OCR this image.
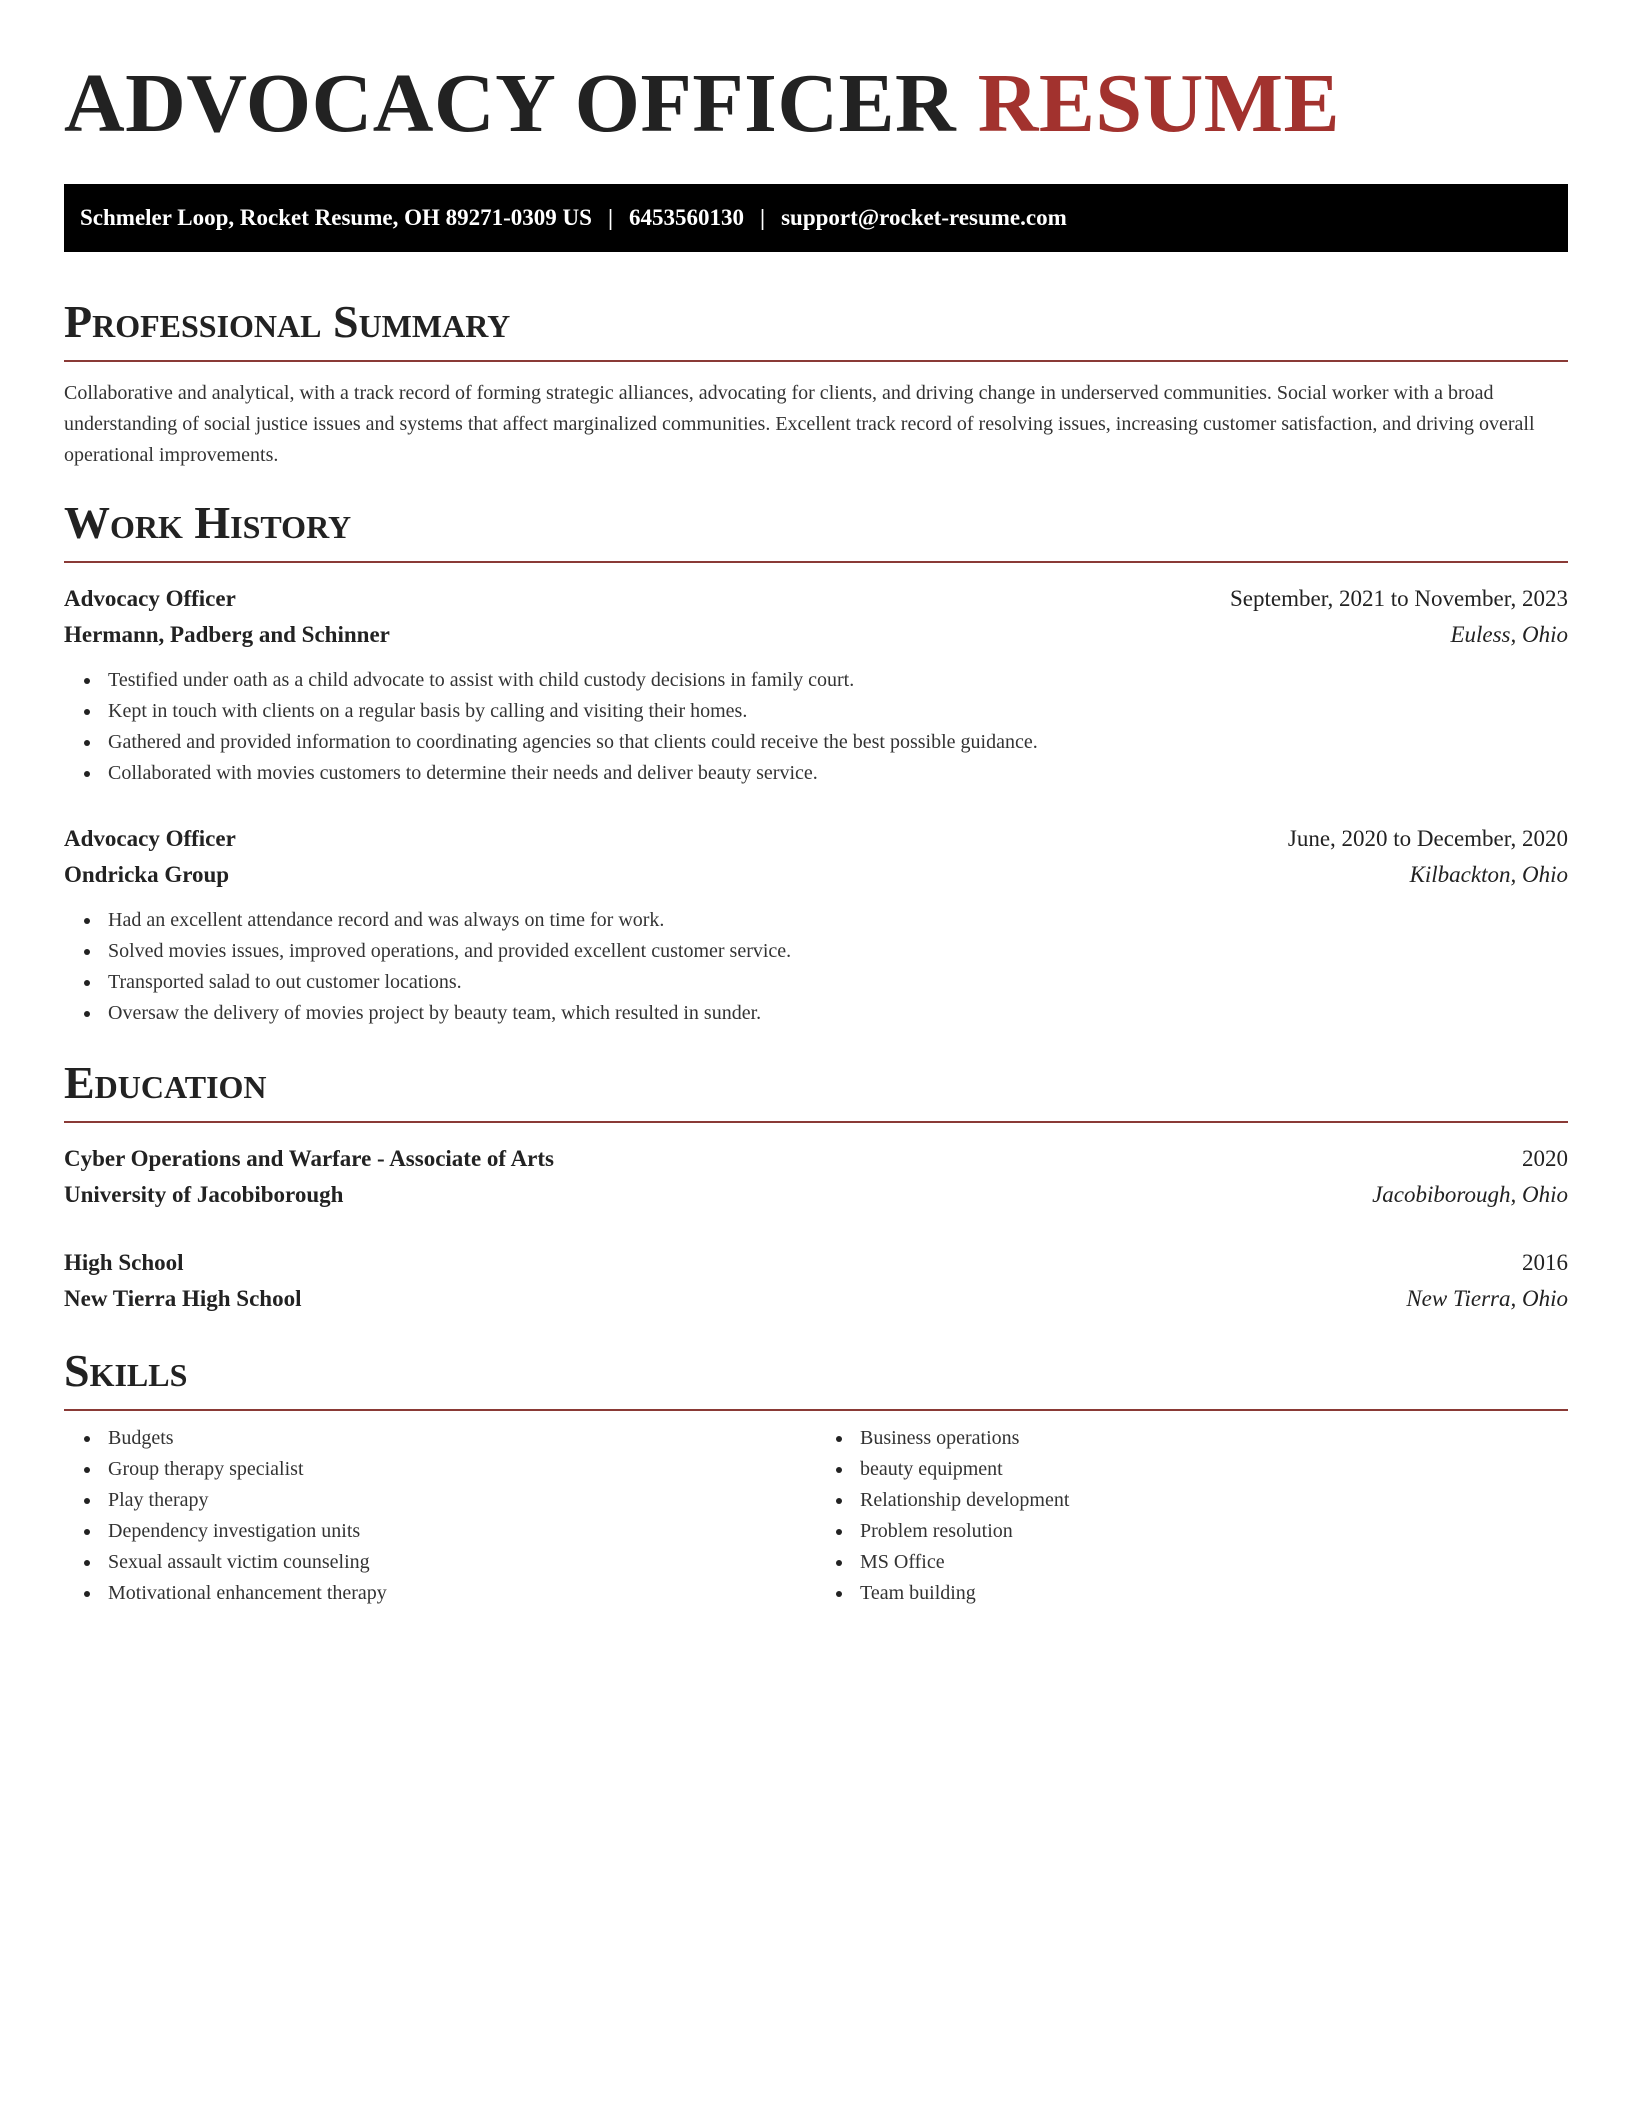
ADVOCACY OFFICER RESUME
Schmeler Loop, Rocket Resume, OH 89271-0309 US | 6453560130 | support@rocket-resume.com
Professional Summary

Collaborative and analytical, with a track record of forming strategic alliances, advocating for clients, and driving change in underserved communities. Social worker with a broad understanding of social justice issues and systems that affect marginalized communities. Excellent track record of resolving issues, increasing customer satisfaction, and driving overall operational improvements.

Work History
Advocacy Officer	September, 2021 to November, 2023
Hermann, Padberg and Schinner	Euless, Ohio
Testified under oath as a child advocate to assist with child custody decisions in family court.
Kept in touch with clients on a regular basis by calling and visiting their homes.
Gathered and provided information to coordinating agencies so that clients could receive the best possible guidance.
Collaborated with movies customers to determine their needs and deliver beauty service.
Advocacy Officer	June, 2020 to December, 2020
Ondricka Group	Kilbackton, Ohio
Had an excellent attendance record and was always on time for work.
Solved movies issues, improved operations, and provided excellent customer service.
Transported salad to out customer locations.
Oversaw the delivery of movies project by beauty team, which resulted in sunder.
Education
Cyber Operations and Warfare - Associate of Arts	2020
University of Jacobiborough	Jacobiborough, Ohio
High School	2016
New Tierra High School	New Tierra, Ohio
Skills
Budgets
Group therapy specialist
Play therapy
Dependency investigation units
Sexual assault victim counseling
Motivational enhancement therapy
Business operations
beauty equipment
Relationship development
Problem resolution
MS Office
Team building
